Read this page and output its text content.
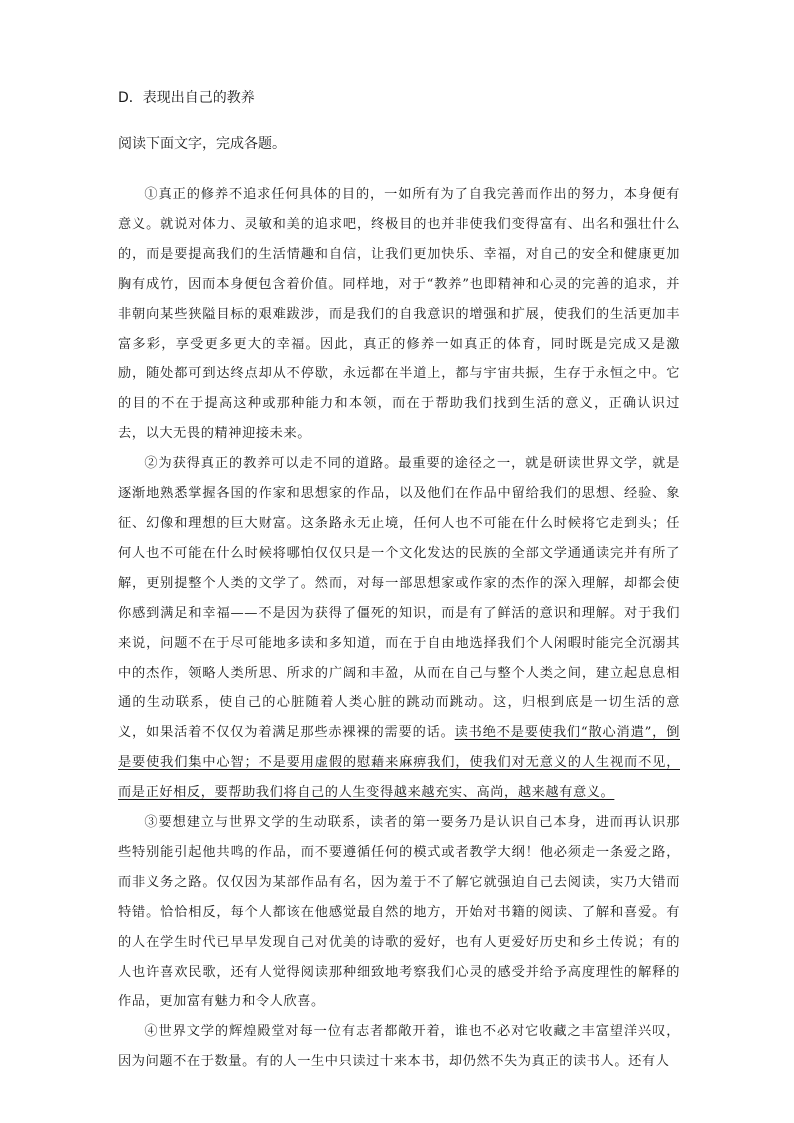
D．表现出自己的教养

阅读下面文字，完成各题。

①真正的修养不追求任何具体的目的，一如所有为了自我完善而作出的努力，本身便有意义。就说对体力、灵敏和美的追求吧，终极目的也并非使我们变得富有、出名和强壮什么的，而是要提高我们的生活情趣和自信，让我们更加快乐、幸福，对自己的安全和健康更加胸有成竹，因而本身便包含着价值。同样地，对于“教养”也即精神和心灵的完善的追求，并非朝向某些狭隘目标的艰难跋涉，而是我们的自我意识的增强和扩展，使我们的生活更加丰富多彩，享受更多更大的幸福。因此，真正的修养一如真正的体育，同时既是完成又是激励，随处都可到达终点却从不停歇，永远都在半道上，都与宇宙共振，生存于永恒之中。它的目的不在于提高这种或那种能力和本领，而在于帮助我们找到生活的意义，正确认识过去，以大无畏的精神迎接未来。

②为获得真正的教养可以走不同的道路。最重要的途径之一，就是研读世界文学，就是逐渐地熟悉掌握各国的作家和思想家的作品，以及他们在作品中留给我们的思想、经验、象征、幻像和理想的巨大财富。这条路永无止境，任何人也不可能在什么时候将它走到头；任何人也不可能在什么时候将哪怕仅仅只是一个文化发达的民族的全部文学通通读完并有所了解，更别提整个人类的文学了。然而，对每一部思想家或作家的杰作的深入理解，却都会使你感到满足和幸福——不是因为获得了僵死的知识，而是有了鲜活的意识和理解。对于我们来说，问题不在于尽可能地多读和多知道，而在于自由地选择我们个人闲暇时能完全沉溺其中的杰作，领略人类所思、所求的广阔和丰盈，从而在自己与整个人类之间，建立起息息相通的生动联系，使自己的心脏随着人类心脏的跳动而跳动。这，归根到底是一切生活的意义，如果活着不仅仅为着满足那些赤裸裸的需要的话。读书绝不是要使我们“散心消遣”，倒是要使我们集中心智；不是要用虚假的慰藉来麻痹我们，使我们对无意义的人生视而不见，而是正好相反，要帮助我们将自己的人生变得越来越充实、高尚，越来越有意义。

③要想建立与世界文学的生动联系，读者的第一要务乃是认识自己本身，进而再认识那些特别能引起他共鸣的作品，而不要遵循任何的模式或者教学大纲！他必须走一条爱之路，而非义务之路。仅仅因为某部作品有名，因为羞于不了解它就强迫自己去阅读，实乃大错而特错。恰恰相反，每个人都该在他感觉最自然的地方，开始对书籍的阅读、了解和喜爱。有的人在学生时代已早早发现自己对优美的诗歌的爱好，也有人更爱好历史和乡土传说；有的人也许喜欢民歌，还有人觉得阅读那种细致地考察我们心灵的感受并给予高度理性的解释的作品，更加富有魅力和令人欣喜。

④世界文学的辉煌殿堂对每一位有志者都敞开着，谁也不必对它收藏之丰富望洋兴叹，因为问题不在于数量。有的人一生中只读过十来本书，却仍然不失为真正的读书人。还有人
